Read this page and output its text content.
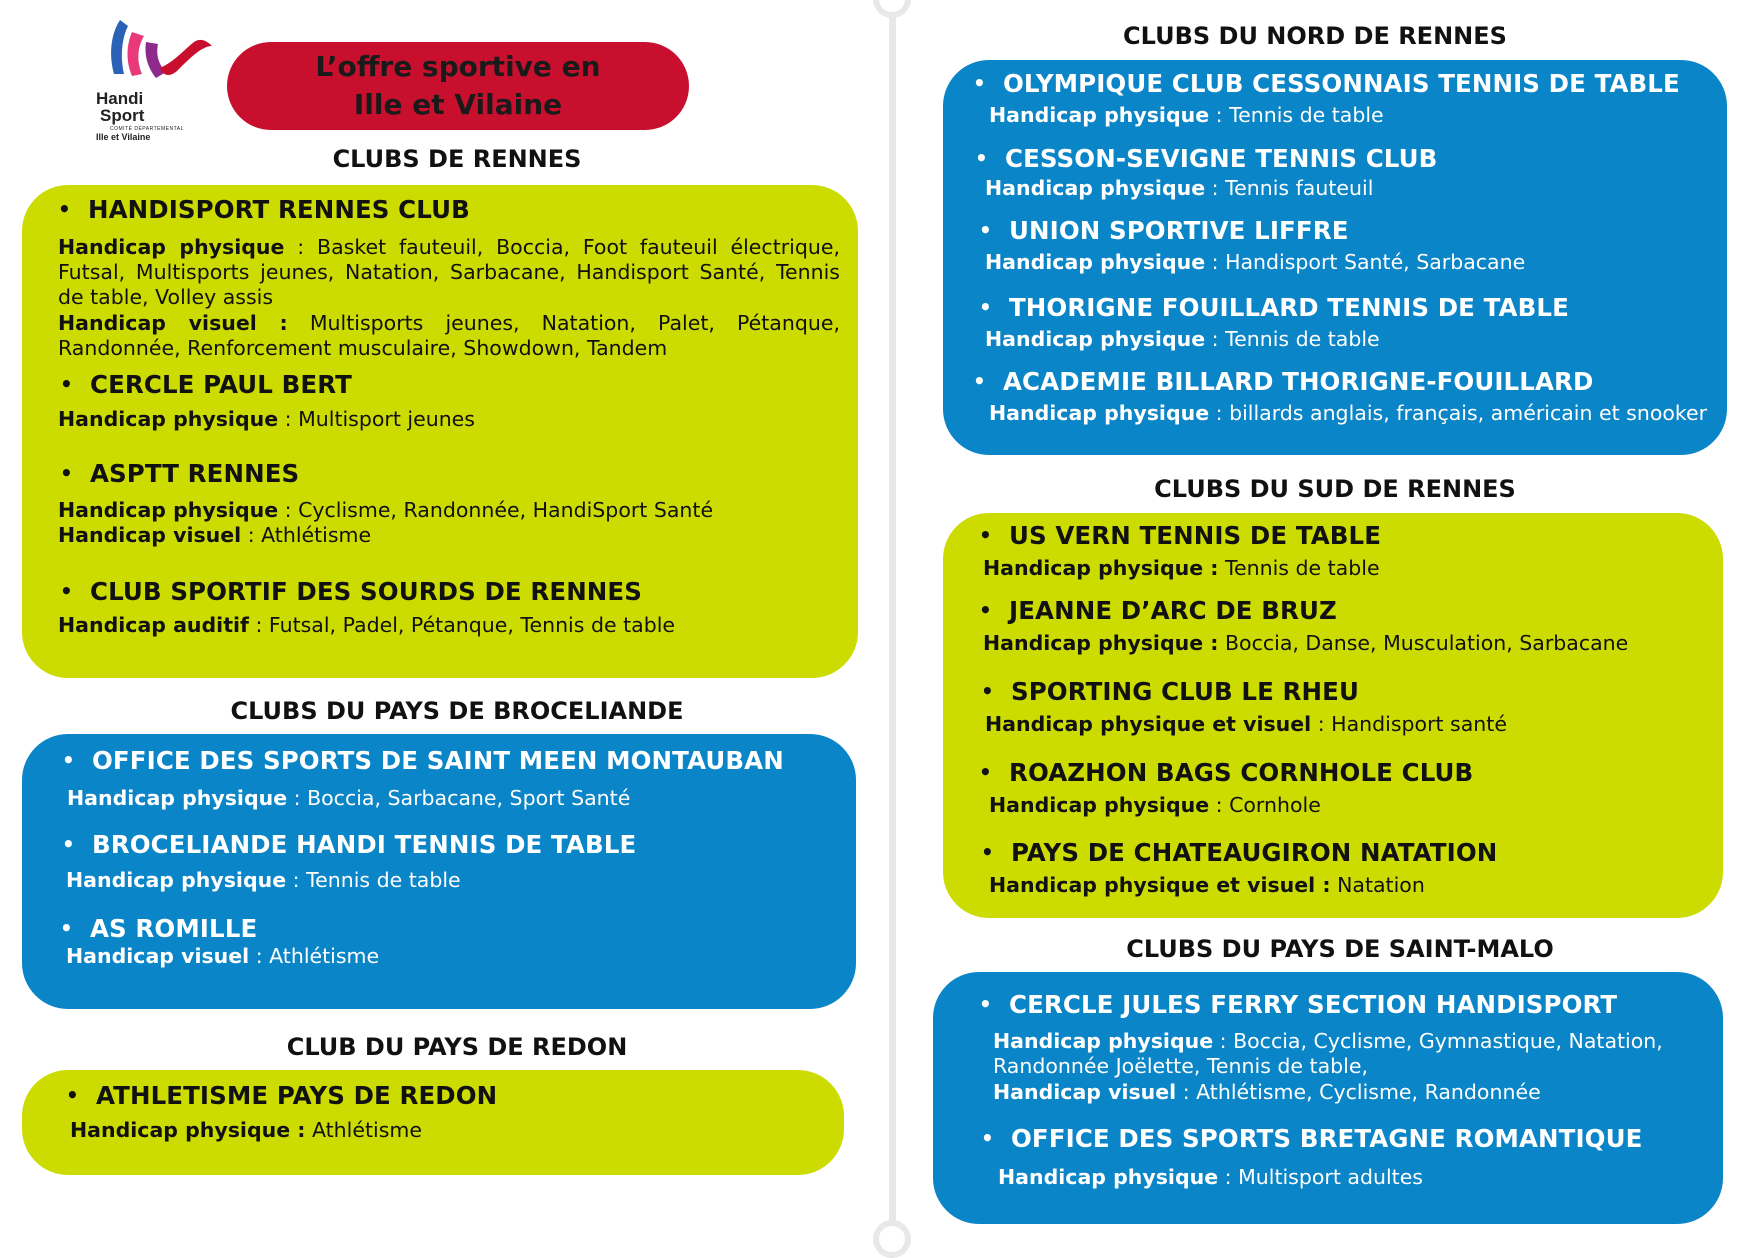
Handi
Sport
COMITÉ DÉPARTEMENTAL
Ille et Vilaine
L’offre sportive en
Ille et Vilaine
CLUBS DE RENNES
• HANDISPORT RENNES CLUB
Handicap physique : Basket fauteuil, Boccia, Foot fauteuil électrique, Futsal, Multisports jeunes, Natation, Sarbacane, Handisport Santé, Tennis de table, Volley assis
Handicap visuel : Multisports jeunes, Natation, Palet, Pétanque, Randonnée, Renforcement musculaire, Showdown, Tandem
• CERCLE PAUL BERT
Handicap physique : Multisport jeunes
• ASPTT RENNES
Handicap physique : Cyclisme, Randonnée, HandiSport Santé
Handicap visuel : Athlétisme
• CLUB SPORTIF DES SOURDS DE RENNES
Handicap auditif : Futsal, Padel, Pétanque, Tennis de table
CLUBS DU PAYS DE BROCELIANDE
• OFFICE DES SPORTS DE SAINT MEEN MONTAUBAN
Handicap physique : Boccia, Sarbacane, Sport Santé
• BROCELIANDE HANDI TENNIS DE TABLE
Handicap physique : Tennis de table
• AS ROMILLE
Handicap visuel : Athlétisme
CLUB DU PAYS DE REDON
• ATHLETISME PAYS DE REDON
Handicap physique : Athlétisme
CLUBS DU NORD DE RENNES
• OLYMPIQUE CLUB CESSONNAIS TENNIS DE TABLE
Handicap physique : Tennis de table
• CESSON-SEVIGNE TENNIS CLUB
Handicap physique : Tennis fauteuil
• UNION SPORTIVE LIFFRE
Handicap physique : Handisport Santé, Sarbacane
• THORIGNE FOUILLARD TENNIS DE TABLE
Handicap physique : Tennis de table
• ACADEMIE BILLARD THORIGNE-FOUILLARD
Handicap physique : billards anglais, français, américain et snooker
CLUBS DU SUD DE RENNES
• US VERN TENNIS DE TABLE
Handicap physique : Tennis de table
• JEANNE D’ARC DE BRUZ
Handicap physique : Boccia, Danse, Musculation, Sarbacane
• SPORTING CLUB LE RHEU
Handicap physique et visuel : Handisport santé
• ROAZHON BAGS CORNHOLE CLUB
Handicap physique : Cornhole
• PAYS DE CHATEAUGIRON NATATION
Handicap physique et visuel : Natation
CLUBS DU PAYS DE SAINT-MALO
• CERCLE JULES FERRY SECTION HANDISPORT
Handicap physique : Boccia, Cyclisme, Gymnastique, Natation,
Randonnée Joëlette, Tennis de table,
Handicap visuel : Athlétisme, Cyclisme, Randonnée
• OFFICE DES SPORTS BRETAGNE ROMANTIQUE
Handicap physique : Multisport adultes
